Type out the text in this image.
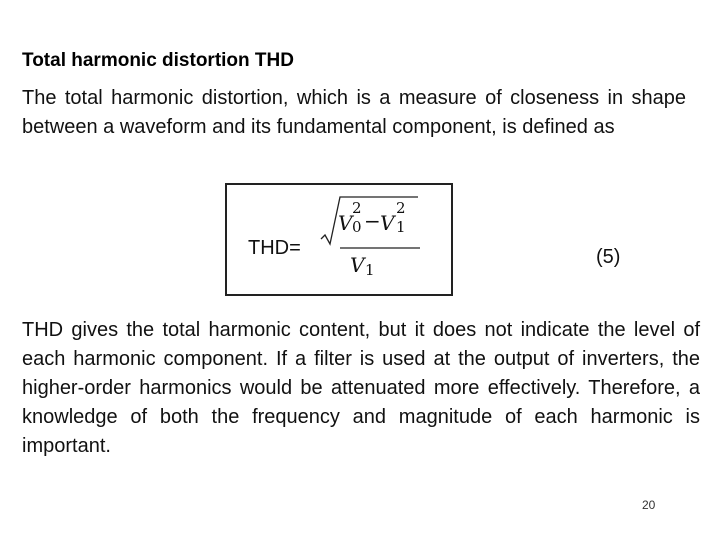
Total harmonic distortion THD
The total harmonic distortion, which is a measure of closeness in shape between a waveform and its fundamental component, is defined as
THD=
V
2
0 − V
2
1
V 1
(5)
THD gives the total harmonic content, but it does not indicate the level of each harmonic component. If a filter is used at the output of inverters, the higher-order harmonics would be attenuated more effectively. Therefore, a knowledge of both the frequency and magnitude of each harmonic is important.
20
